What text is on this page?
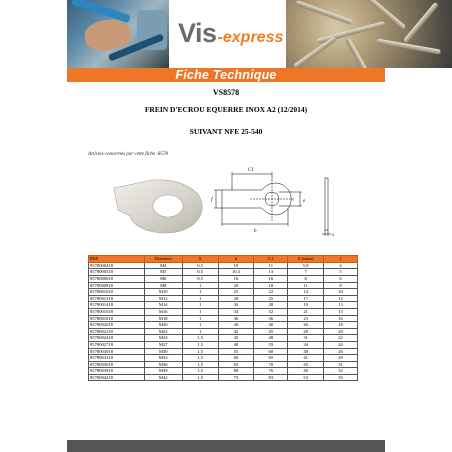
Vis -express
Fiche Technique
VS8578
FREIN D'ECROU EQUERRE INOX A2 (12/2014)
SUIVANT NFE 25-540
Articles concernés par cette fiche :8578
C1
b
f	e
s
REF	Diamètre	S	b	C1	E (mini)	f
8578000418	M4	0,5	10	11	5,8	4
8578000518	M5	0,5	10,3	13	7	5
8578000618	M6	0,5	16	16	8	6
8578000818	M8	1	20	18	11	8
8578001018	M10	1	25	22	14	10
8578001218	M12	1	28	25	17	12
8578001418	M14	1	30	28	19	13
8578001618	M16	1	34	32	21	15
8578001818	M18	1	36	36	23	16
8578002018	M20	1	40	40	26	18
8578002218	M22	1	42	45	28	20
8578002418	M24	1,5	45	48	31	22
8578002718	M27	1,5	48	55	34	24
8578003018	M30	1,5	55	60	38	26
8578003318	M33	1,5	60	65	41	29
8578003618	M36	1,5	65	70	45	31
8578003918	M39	1,5	68	76	48	32
8578004218	M42	1,5	73	83	53	35
